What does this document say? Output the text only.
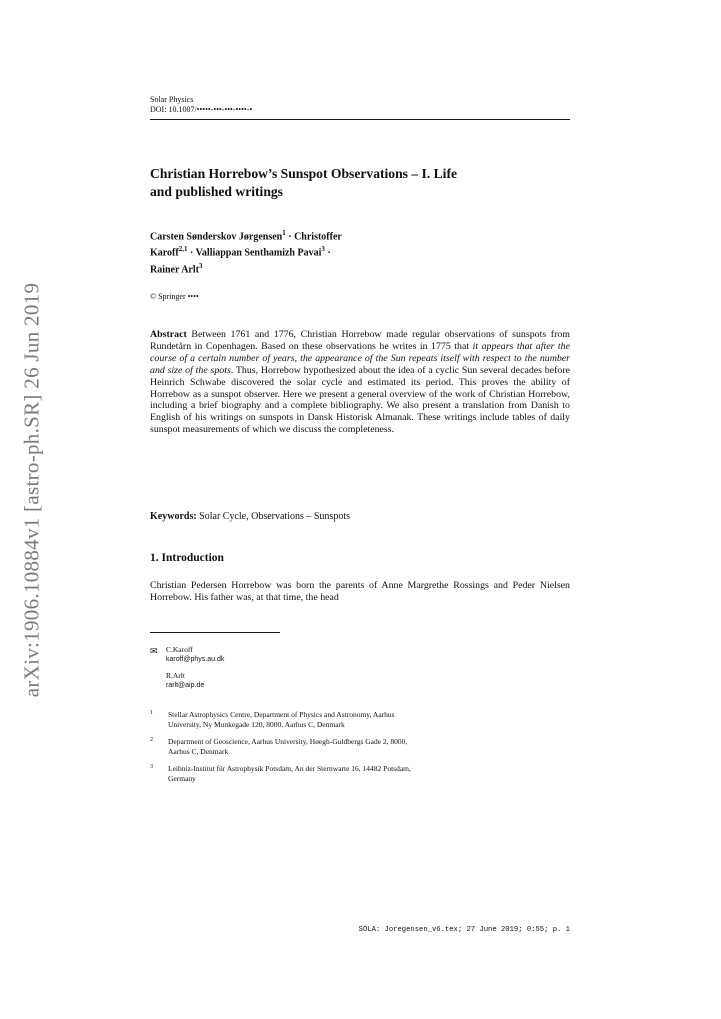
arXiv:1906.10884v1 [astro-ph.SR] 26 Jun 2019
Solar Physics
DOI: 10.1007/•••••-•••-•••-••••-•
Christian Horrebow’s Sunspot Observations – I. Life
and published writings
Carsten Sønderskov Jørgensen$^1$ · Christoffer
Karoff$^{2,1}$ · Valliappan Senthamizh Pavai$^3$ ·
Rainer Arlt$^3$
© Springer ••••

Abstract Between 1761 and 1776, Christian Horrebow made regular observations of sunspots from Rundetårn in Copenhagen. Based on these observations he writes in 1775 that it appears that after the course of a certain number of years, the appearance of the Sun repeats itself with respect to the number and size of the spots. Thus, Horrebow hypothesized about the idea of a cyclic Sun several decades before Heinrich Schwabe discovered the solar cycle and estimated its period. This proves the ability of Horrebow as a sunspot observer. Here we present a general overview of the work of Christian Horrebow, including a brief biography and a complete bibliography. We also present a translation from Danish to English of his writings on sunspots in Dansk Historisk Almanak. These writings include tables of daily sunspot measurements of which we discuss the completeness.

Keywords: Solar Cycle, Observations – Sunspots
1. Introduction

Christian Pedersen Horrebow was born the parents of Anne Margrethe Rossings and Peder Nielsen Horrebow. His father was, at that time, the head

✉ C.Karoff
karoff@phys.au.dk
R.Arlt
rarlt@aip.de
1 Stellar Astrophysics Centre, Department of Physics and Astronomy, Aarhus
University, Ny Munkegade 120, 8000, Aarhus C, Denmark
2 Department of Geoscience, Aarhus University, Høegh-Guldbergs Gade 2, 8000,
Aarhus C, Denmark
3 Leibniz-Institut für Astrophysik Potsdam, An der Sternwarte 16, 14482 Potsdam,
Germany
SOLA: Joregensen_v6.tex; 27 June 2019; 0:55; p. 1
